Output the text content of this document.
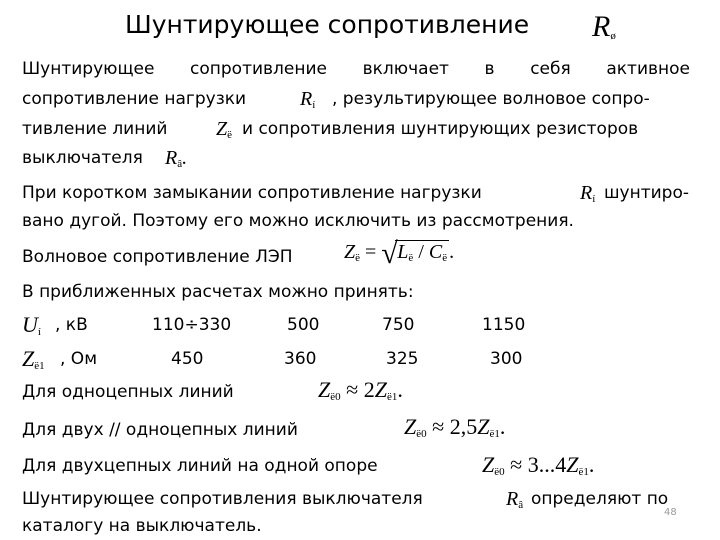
Шунтирующее сопротивление $R_ø$
Шунтирующее сопротивление включает в себя активное
сопротивление нагрузки	$R_í$ , результирующее волновое сопро-
тивление линий $Z_ë$ и сопротивления шунтирующих резисторов
выключателя $R_â$.
При коротком замыкании сопротивление нагрузки	$R_í$ шунтиро-
вано дугой. Поэтому его можно исключить из рассмотрения.
Волновое сопротивление ЛЭП	$Z_ë$ = √ $L_ë / C_ë$ .
В приближенных расчетах можно принять:
$U_í$ , кВ	110÷330	500	750	1150
$Z_{ë1}$ , Ом	450	360	325	300
Для одноцепных линий	$Z_{ë0} \approx 2Z_{ë1}$.
Для двух // одноцепных линий	$Z_{ë0} \approx 2,5Z_{ë1}$.
Для двухцепных линий на одной опоре	$Z_{ë0} \approx 3...4Z_{ë1}$.
Шунтирующее сопротивления выключателя	$R_â$ определяют по
каталогу на выключатель.
48
